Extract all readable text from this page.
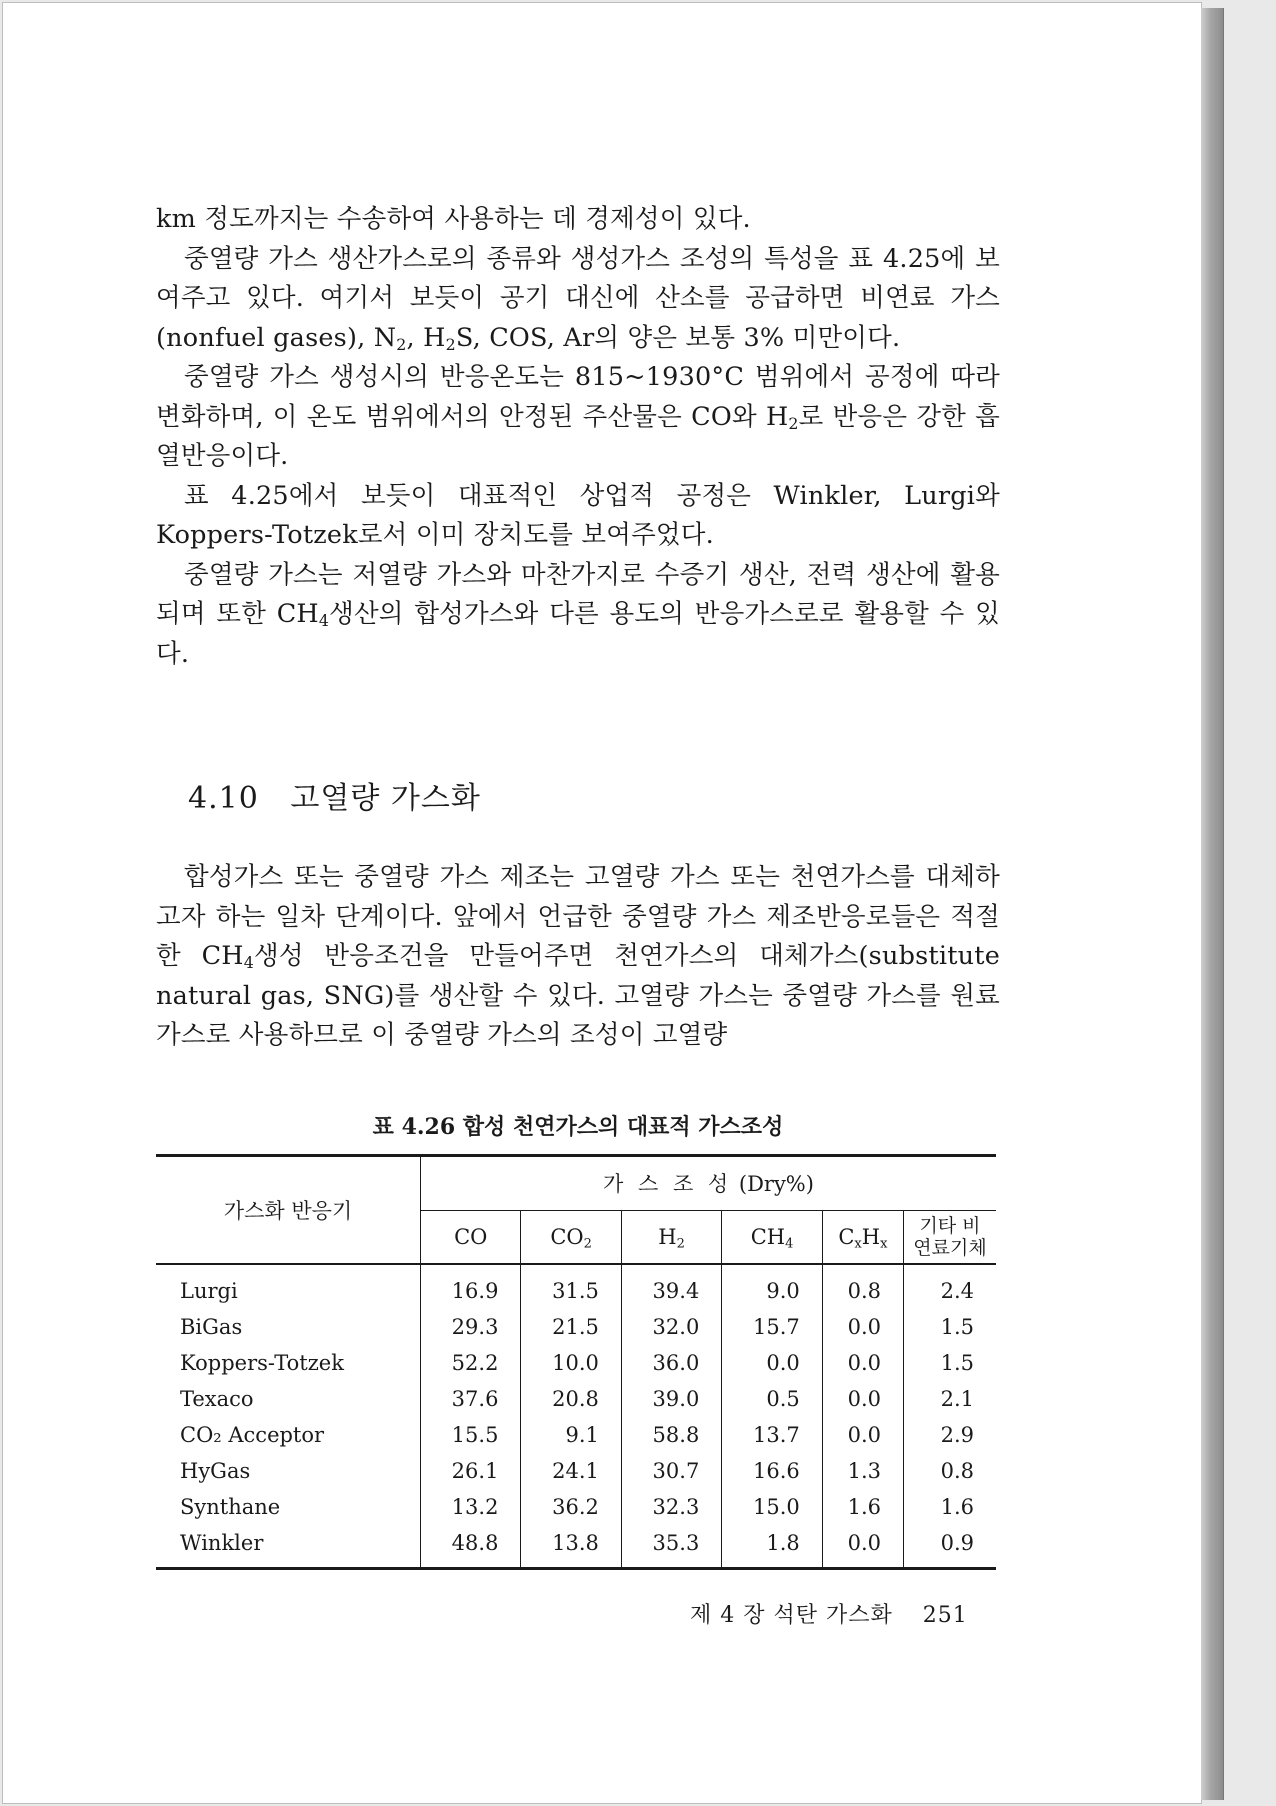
km 정도까지는 수송하여 사용하는 데 경제성이 있다.

중열량 가스 생산가스로의 종류와 생성가스 조성의 특성을 표 4.25에 보여주고 있다. 여기서 보듯이 공기 대신에 산소를 공급하면 비연료 가스(nonfuel gases), $N_2$, $H_2S$, COS, Ar의 양은 보통 3% 미만이다.

중열량 가스 생성시의 반응온도는 815~1930°C 범위에서 공정에 따라 변화하며, 이 온도 범위에서의 안정된 주산물은 CO와 $H_2$로 반응은 강한 흡열반응이다.

표 4.25에서 보듯이 대표적인 상업적 공정은 Winkler, Lurgi와 Koppers-Totzek로서 이미 장치도를 보여주었다.

중열량 가스는 저열량 가스와 마찬가지로 수증기 생산, 전력 생산에 활용되며 또한 $CH_4$생산의 합성가스와 다른 용도의 반응가스로로 활용할 수 있다.

4.10 고열량 가스화

합성가스 또는 중열량 가스 제조는 고열량 가스 또는 천연가스를 대체하고자 하는 일차 단계이다. 앞에서 언급한 중열량 가스 제조반응로들은 적절한 $CH_4$생성 반응조건을 만들어주면 천연가스의 대체가스(substitute natural gas, SNG)를 생산할 수 있다. 고열량 가스는 중열량 가스를 원료 가스로 사용하므로 이 중열량 가스의 조성이 고열량

표 4.26 합성 천연가스의 대표적 가스조성
가스화 반응기	가 스 조 성 (Dry%)					
	CO	$CO_2$	$H_2$	$CH_4$	$C_xH_x$	기타 비
연료기체
Lurgi	16.9	31.5	39.4	9.0	0.8	2.4
BiGas	29.3	21.5	32.0	15.7	0.0	1.5
Koppers-Totzek	52.2	10.0	36.0	0.0	0.0	1.5
Texaco	37.6	20.8	39.0	0.5	0.0	2.1
CO₂ Acceptor	15.5	9.1	58.8	13.7	0.0	2.9
HyGas	26.1	24.1	30.7	16.6	1.3	0.8
Synthane	13.2	36.2	32.3	15.0	1.6	1.6
Winkler	48.8	13.8	35.3	1.8	0.0	0.9
제 4 장 석탄 가스화 251
